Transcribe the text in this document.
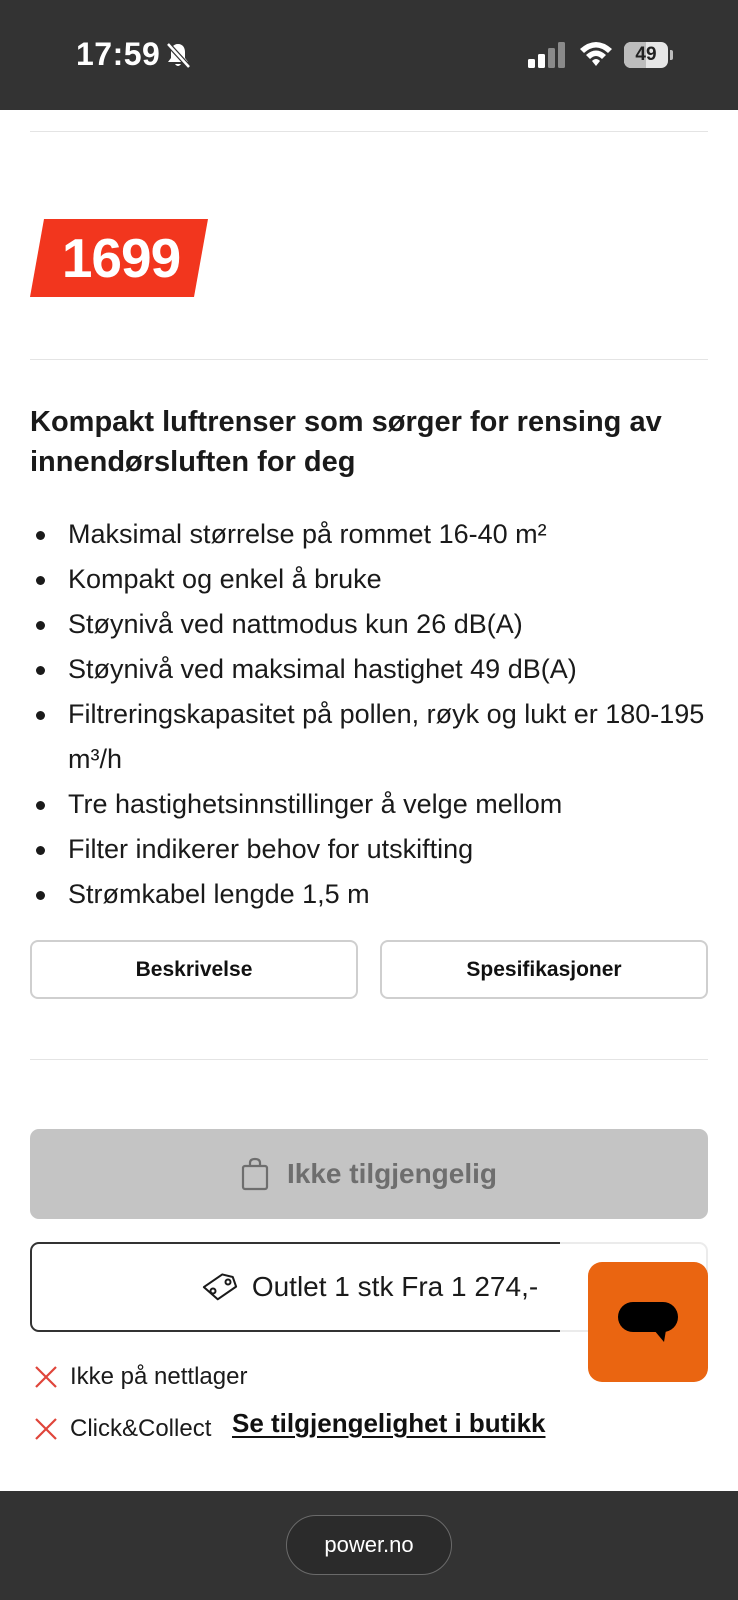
17:59	49
1699
Kompakt luftrenser som sørger for rensing av innendørsluften for deg
Maksimal størrelse på rommet 16-40 m²
Kompakt og enkel å bruke
Støynivå ved nattmodus kun 26 dB(A)
Støynivå ved maksimal hastighet 49 dB(A)
Filtreringskapasitet på pollen, røyk og lukt er 180-195 m³/h
Tre hastighetsinnstillinger å velge mellom
Filter indikerer behov for utskifting
Strømkabel lengde 1,5 m
Beskrivelse	Spesifikasjoner
Ikke tilgjengelig
Outlet 1 stk Fra 1 274,-
Ikke på nettlager
Click&Collect Se tilgjengelighet i butikk
power.no
